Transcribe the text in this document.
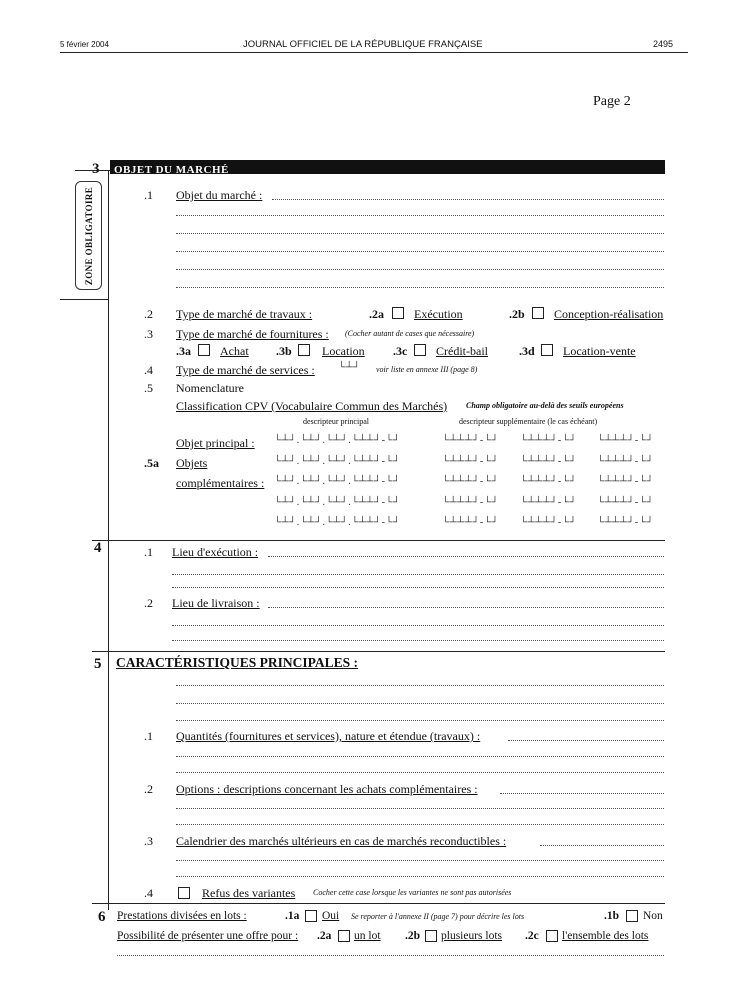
5 février 2004	JOURNAL OFFICIEL DE LA RÉPUBLIQUE FRANÇAISE	2495
Page 2
3	OBJET DU MARCHÉ
ZONE OBLIGATOIRE	.1 Objet du marché :
.2 Type de marché de travaux :	.2a	Exécution	.2b Conception-réalisation
.3 Type de marché de fournitures : (Cocher autant de cases que nécessaire)
.3a Achat .3b	Location .3c Crédit-bail	.3d Location-vente
.4 Type de marché de services : └┴┘ voir liste en annexe III (page 8)
.5 Nomenclature
Classification CPV (Vocabulaire Commun des Marchés) Champ obligatoire au-delà des seuils européens
descripteur principal	descripteur supplémentaire (le cas échéant)
Objet principal :
.5a Objets
complémentaires :
└┴┘.└┴┘.└┴┘.└┴┴┘-└┘	└┴┴┴┘-└┘ └┴┴┴┘-└┘ └┴┴┴┘-└┘
└┴┘.└┴┘.└┴┘.└┴┴┘-└┘	└┴┴┴┘-└┘ └┴┴┴┘-└┘ └┴┴┴┘-└┘
└┴┘.└┴┘.└┴┘.└┴┴┘-└┘	└┴┴┴┘-└┘ └┴┴┴┘-└┘ └┴┴┴┘-└┘
└┴┘.└┴┘.└┴┘.└┴┴┘-└┘	└┴┴┴┘-└┘ └┴┴┴┘-└┘ └┴┴┴┘-└┘
└┴┘.└┴┘.└┴┘.└┴┴┘-└┘	└┴┴┴┘-└┘ └┴┴┴┘-└┘ └┴┴┴┘-└┘
4	.1 Lieu d'exécution :
.2 Lieu de livraison :
5 CARACTÉRISTIQUES PRINCIPALES :
.1 Quantités (fournitures et services), nature et étendue (travaux) :
.2 Options : descriptions concernant les achats complémentaires :
.3 Calendrier des marchés ultérieurs en cas de marchés reconductibles :
.4	Refus des variantes Cocher cette case lorsque les variantes ne sont pas autorisées
6 Prestations divisées en lots :	.1a Oui Se reporter à l'annexe II (page 7) pour décrire les lots	.1b Non
Possibilité de présenter une offre pour : .2a un lot .2b plusieurs lots .2c l'ensemble des lots
